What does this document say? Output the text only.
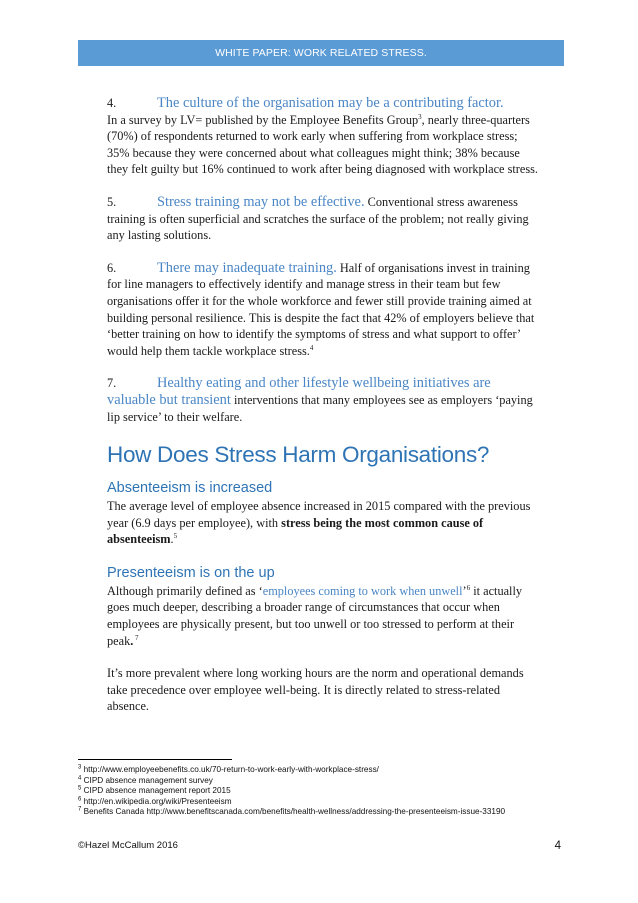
WHITE PAPER: WORK RELATED STRESS.

4.	The culture of the organisation may be a contributing factor.
In a survey by LV= published by the Employee Benefits Group$^3$, nearly three-quarters (70%) of respondents returned to work early when suffering from workplace stress; 35% because they were concerned about what colleagues might think; 38% because they felt guilty but 16% continued to work after being diagnosed with workplace stress.

5.	Stress training may not be effective. Conventional stress awareness training is often superficial and scratches the surface of the problem; not really giving any lasting solutions.

6.	There may inadequate training. Half of organisations invest in training for line managers to effectively identify and manage stress in their team but few organisations offer it for the whole workforce and fewer still provide training aimed at building personal resilience. This is despite the fact that 42% of employers believe that ‘better training on how to identify the symptoms of stress and what support to offer’ would help them tackle workplace stress.$^4$

7.	Healthy eating and other lifestyle wellbeing initiatives are valuable but transient interventions that many employees see as employers ‘paying lip service’ to their welfare.

How Does Stress Harm Organisations?
Absenteeism is increased

The average level of employee absence increased in 2015 compared with the previous year (6.9 days per employee), with stress being the most common cause of absenteeism.$^5$

Presenteeism is on the up

Although primarily defined as ‘employees coming to work when unwell’$^6$ it actually goes much deeper, describing a broader range of circumstances that occur when employees are physically present, but too unwell or too stressed to perform at their peak. $^7$

It’s more prevalent where long working hours are the norm and operational demands take precedence over employee well-being. It is directly related to stress-related absence.

$^3$ http://www.employeebenefits.co.uk/70-return-to-work-early-with-workplace-stress/
$^4$ CIPD absence management survey
$^5$ CIPD absence management report 2015
$^6$ http://en.wikipedia.org/wiki/Presenteeism
$^7$ Benefits Canada http://www.benefitscanada.com/benefits/health-wellness/addressing-the-presenteeism-issue-33190
©Hazel McCallum 2016	4
